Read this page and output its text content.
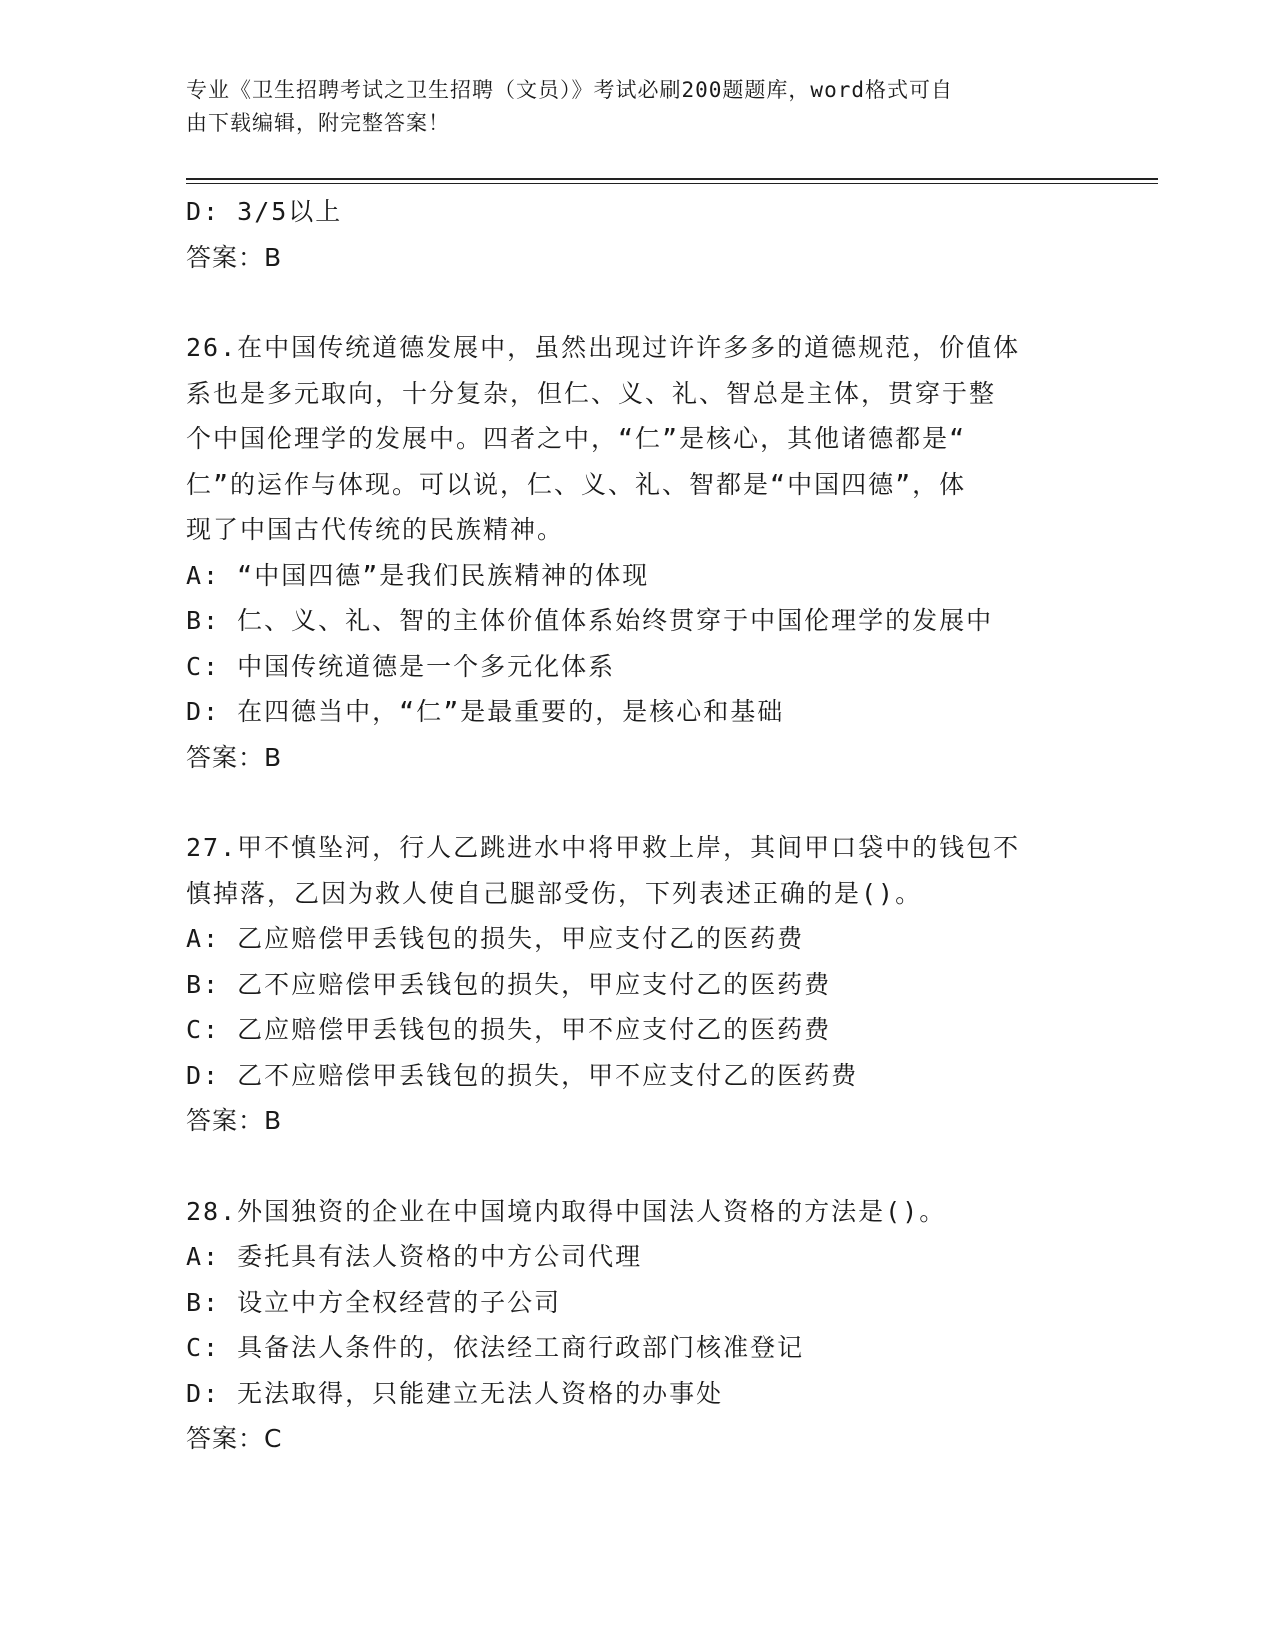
专业《卫生招聘考试之卫生招聘（文员）》考试必刷200题题库，word格式可自
由下载编辑，附完整答案！
D: 3/5以上
答案：B
26.在中国传统道德发展中，虽然出现过许许多多的道德规范，价值体
系也是多元取向，十分复杂，但仁、义、礼、智总是主体，贯穿于整
个中国伦理学的发展中。四者之中，“仁”是核心，其他诸德都是“
仁”的运作与体现。可以说，仁、义、礼、智都是“中国四德”，体
现了中国古代传统的民族精神。
A: “中国四德”是我们民族精神的体现
B: 仁、义、礼、智的主体价值体系始终贯穿于中国伦理学的发展中
C: 中国传统道德是一个多元化体系
D: 在四德当中，“仁”是最重要的，是核心和基础
答案：B
27.甲不慎坠河，行人乙跳进水中将甲救上岸，其间甲口袋中的钱包不
慎掉落，乙因为救人使自己腿部受伤，下列表述正确的是()。
A: 乙应赔偿甲丢钱包的损失，甲应支付乙的医药费
B: 乙不应赔偿甲丢钱包的损失，甲应支付乙的医药费
C: 乙应赔偿甲丢钱包的损失，甲不应支付乙的医药费
D: 乙不应赔偿甲丢钱包的损失，甲不应支付乙的医药费
答案：B
28.外国独资的企业在中国境内取得中国法人资格的方法是()。
A: 委托具有法人资格的中方公司代理
B: 设立中方全权经营的子公司
C: 具备法人条件的，依法经工商行政部门核准登记
D: 无法取得，只能建立无法人资格的办事处
答案：C
